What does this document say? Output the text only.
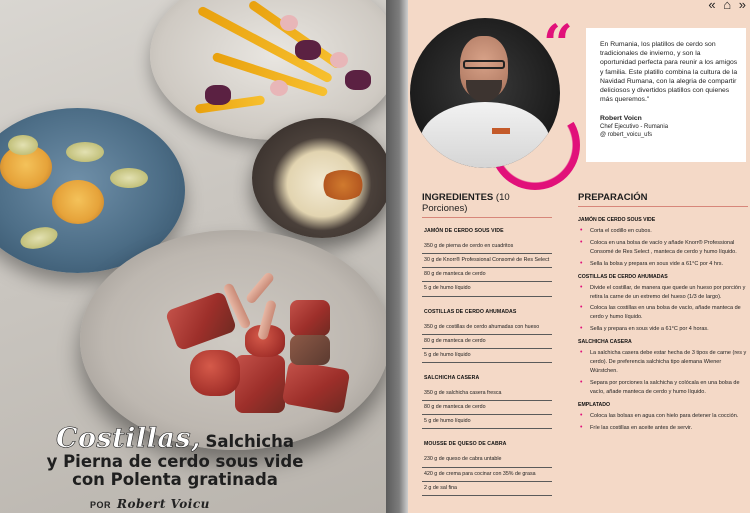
Costillas, Salchicha
y Pierna de cerdo sous vide
con Polenta gratinada
POR Robert Voicu
« ⌂ »
“	En Rumania, los platillos de cerdo son tradicionales de invierno, y son la oportunidad perfecta para reunir a los amigos y familia. Este platillo combina la cultura de la Navidad Rumana, con la alegria de compartir deliciosos y divertidos platillos con quienes más queremos."
Robert Voicn
Chef Ejecutivo - Rumania
@ robert_voicu_ufs
INGREDIENTES (10 Porciones)
JAMÓN DE CERDO SOUS VIDE
350 g de pierna de cerdo en cuadritos
30 g de Knorr® Professional Consomé de Res Select
80 g de manteca de cerdo
5 g de humo líquido
COSTILLAS DE CERDO AHUMADAS
350 g de costillas de cerdo ahumadas con hueso
80 g de manteca de cerdo
5 g de humo líquido
SALCHICHA CASERA
350 g de salchicha casera fresca
80 g de manteca de cerdo
5 g de humo líquido
MOUSSE DE QUESO DE CABRA
230 g de queso de cabra untable
420 g de crema para cocinar con 35% de grasa
2 g de sal fina
PREPARACIÓN
JAMÓN DE CERDO SOUS VIDE
• Corta el codillo en cubos.
• Coloca en una bolsa de vacío y añade Knorr® Professional Consomé de Res Select , manteca de cerdo y humo líquido.
• Sella la bolsa y prepara en sous vide a 61°C por 4 hrs.
COSTILLAS DE CERDO AHUMADAS
• Divide el costillar, de manera que quede un hueso por porción y retira la carne de un extremo del hueso (1/3 de largo).
• Coloca las costillas en una bolsa de vacío, añade manteca de cerdo y humo líquido.
• Sella y prepara en sous vide a 61°C por 4 horas.
SALCHICHA CASERA
• La salchicha casera debe estar hecha de 3 tipos de carne (res y cerdo). De preferencia salchicha tipo alemana Wiener Würstchen.
• Separa por porciones la salchicha y colócala en una bolsa de vacío, añade manteca de cerdo y humo líquido.
EMPLATADO
• Coloca las bolsas en agua con hielo para detener la cocción.
• Fríe las costillas en aceite antes de servir.
